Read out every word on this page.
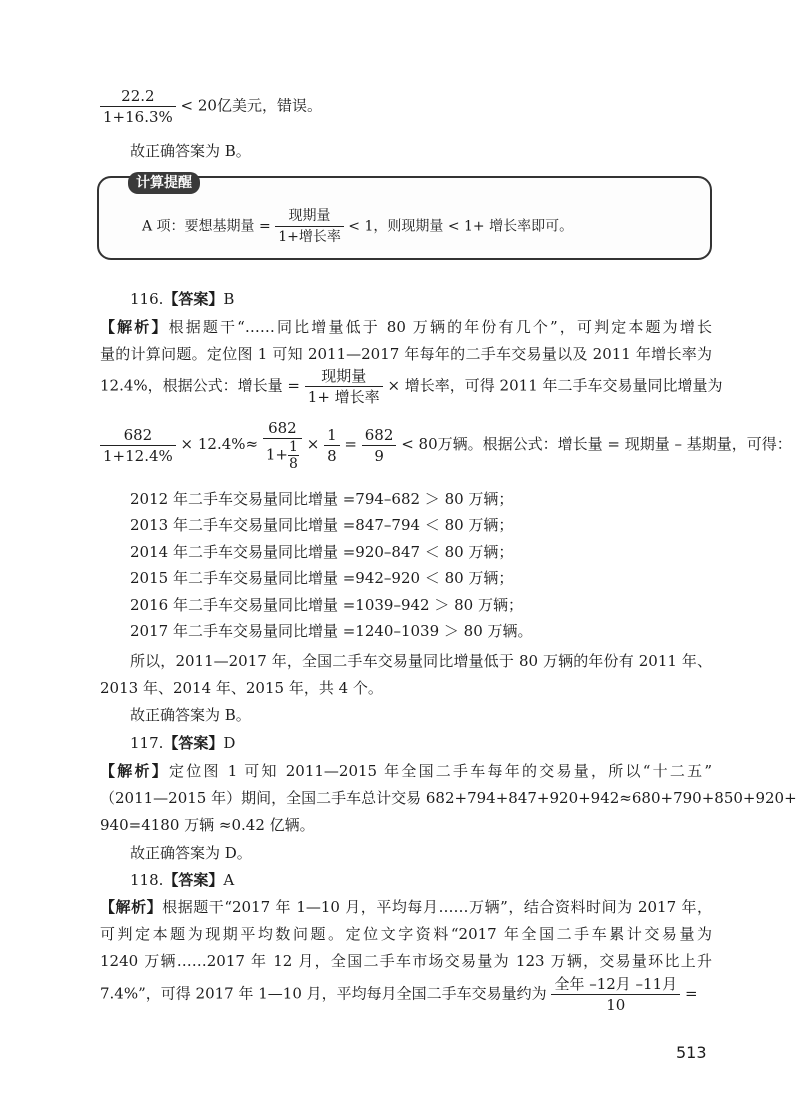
$\frac{22.2}{1+16.3\%} < 20$亿美元，错误。
故正确答案为 B。
计算提醒
A 项：要想基期量 = $\frac{\text{现期量}}{\text{1+增长率}} < 1$，则现期量 < 1+ 增长率即可。
116.【答案】B
【解析】根据题干“……同比增量低于 80 万辆的年份有几个”，可判定本题为增长
量的计算问题。定位图 1 可知 2011—2017 年每年的二手车交易量以及 2011 年增长率为
12.4%，根据公式：增长量 = $\frac{\text{现期量}}{\text{1+ 增长率}}$ × 增长率，可得 2011 年二手车交易量同比增量为
$\frac{682}{1+12.4\%} \times 12.4\%\approx \frac{682}{1+ \frac{1}{8}} \times \frac{1}{8} = \frac{682}{9} < 80$万辆。根据公式：增长量 = 现期量 – 基期量，可得：
2012 年二手车交易量同比增量 =794–682 ＞ 80 万辆；
2013 年二手车交易量同比增量 =847–794 ＜ 80 万辆；
2014 年二手车交易量同比增量 =920–847 ＜ 80 万辆；
2015 年二手车交易量同比增量 =942–920 ＜ 80 万辆；
2016 年二手车交易量同比增量 =1039–942 ＞ 80 万辆；
2017 年二手车交易量同比增量 =1240–1039 ＞ 80 万辆。
所以，2011—2017 年，全国二手车交易量同比增量低于 80 万辆的年份有 2011 年、
2013 年、2014 年、2015 年，共 4 个。
故正确答案为 B。
117.【答案】D
【解析】定位图 1 可知 2011—2015 年全国二手车每年的交易量，所以“十二五”
（2011—2015 年）期间，全国二手车总计交易 682+794+847+920+942≈680+790+850+920+
940=4180 万辆 ≈0.42 亿辆。
故正确答案为 D。
118.【答案】A
【解析】根据题干“2017 年 1—10 月，平均每月……万辆”，结合资料时间为 2017 年，
可判定本题为现期平均数问题。定位文字资料“2017 年全国二手车累计交易量为
1240 万辆……2017 年 12 月，全国二手车市场交易量为 123 万辆，交易量环比上升
7.4%”，可得 2017 年 1—10 月，平均每月全国二手车交易量约为 $\frac{\text{全年 –12月 –11月}}{10}$ =
513
